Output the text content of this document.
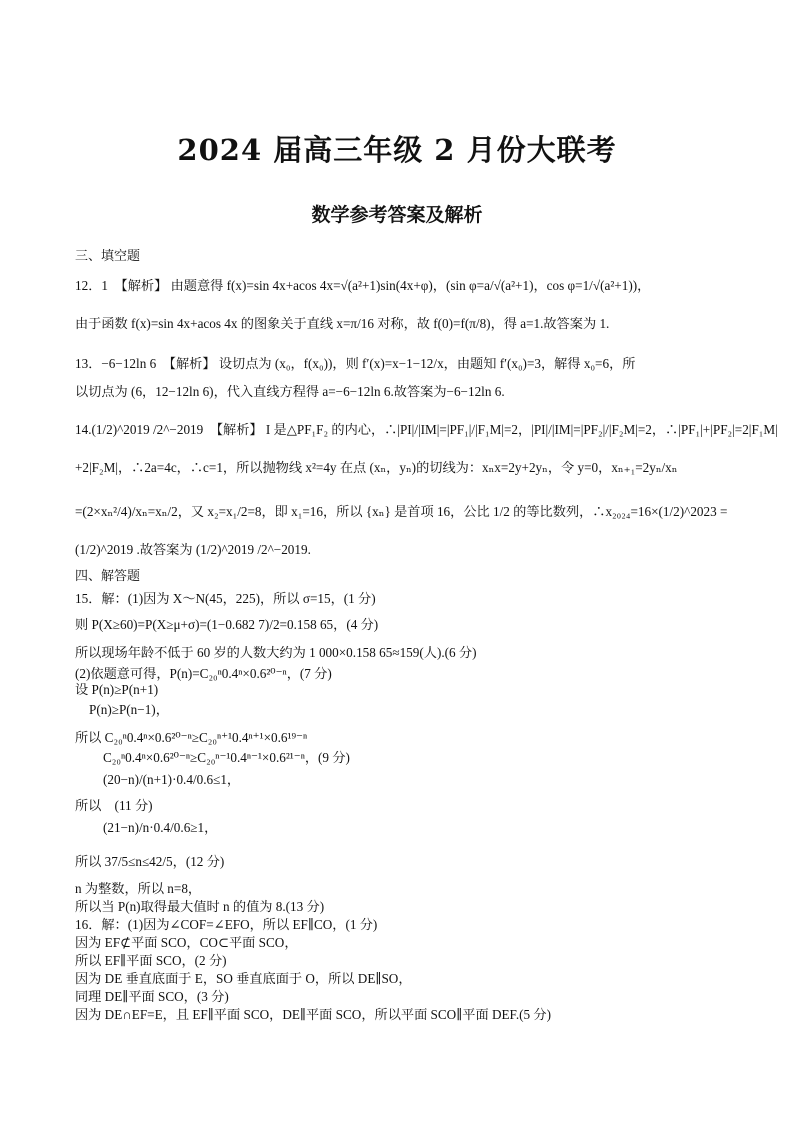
2024 届高三年级 2 月份大联考
数学参考答案及解析
三、填空题
12．1　【解析】 由题意得 f(x)=sin 4x+acos 4x=√(a²+1)sin(4x+φ)，(sin φ=a/√(a²+1)，cos φ=1/√(a²+1))，
由于函数 f(x)=sin 4x+acos 4x 的图象关于直线 x=π/16 对称，故 f(0)=f(π/8)，得 a=1.故答案为 1.
13．−6−12ln 6　【解析】 设切点为 (x₀，f(x₀))，则 f′(x)=x−1−12/x，由题知 f′(x₀)=3，解得 x₀=6，所
以切点为 (6，12−12ln 6)，代入直线方程得 a=−6−12ln 6.故答案为−6−12ln 6.
14.(1/2)^2019 /2^−2019　【解析】 I 是△PF₁F₂ 的内心，∴|PI|/|IM|=|PF₁|/|F₁M|=2，|PI|/|IM|=|PF₂|/|F₂M|=2，∴|PF₁|+|PF₂|=2|F₁M|
+2|F₂M|，∴2a=4c，∴c=1，所以抛物线 x²=4y 在点 (xₙ，yₙ)的切线为：xₙx=2y+2yₙ，令 y=0，xₙ₊₁=2yₙ/xₙ
=(2×xₙ²/4)/xₙ=xₙ/2，又 x₂=x₁/2=8，即 x₁=16，所以 {xₙ} 是首项 16，公比 1/2 的等比数列，∴x₂₀₂₄=16×(1/2)^2023 =
(1/2)^2019 .故答案为 (1/2)^2019 /2^−2019.
四、解答题
15．解：(1)因为 X～N(45，225)，所以 σ=15，(1 分)
则 P(X≥60)=P(X≥μ+σ)=(1−0.682 7)/2=0.158 65，(4 分)
所以现场年龄不低于 60 岁的人数大约为 1 000×0.158 65≈159(人).(6 分)
(2)依题意可得，P(n)=C₂₀ⁿ0.4ⁿ×0.6²⁰⁻ⁿ，(7 分)
设 P(n)≥P(n+1)
P(n)≥P(n−1)，
所以 C₂₀ⁿ0.4ⁿ×0.6²⁰⁻ⁿ≥C₂₀ⁿ⁺¹0.4ⁿ⁺¹×0.6¹⁹⁻ⁿ
C₂₀ⁿ0.4ⁿ×0.6²⁰⁻ⁿ≥C₂₀ⁿ⁻¹0.4ⁿ⁻¹×0.6²¹⁻ⁿ，(9 分)
(20−n)/(n+1)·0.4/0.6≤1，
所以　(11 分)
(21−n)/n·0.4/0.6≥1，
所以 37/5≤n≤42/5，(12 分)
n 为整数，所以 n=8，
所以当 P(n)取得最大值时 n 的值为 8.(13 分)
16．解：(1)因为∠COF=∠EFO，所以 EF∥CO，(1 分)
因为 EF⊄平面 SCO，CO⊂平面 SCO，
所以 EF∥平面 SCO，(2 分)
因为 DE 垂直底面于 E，SO 垂直底面于 O，所以 DE∥SO，
同理 DE∥平面 SCO，(3 分)
因为 DE∩EF=E，且 EF∥平面 SCO，DE∥平面 SCO，所以平面 SCO∥平面 DEF.(5 分)
